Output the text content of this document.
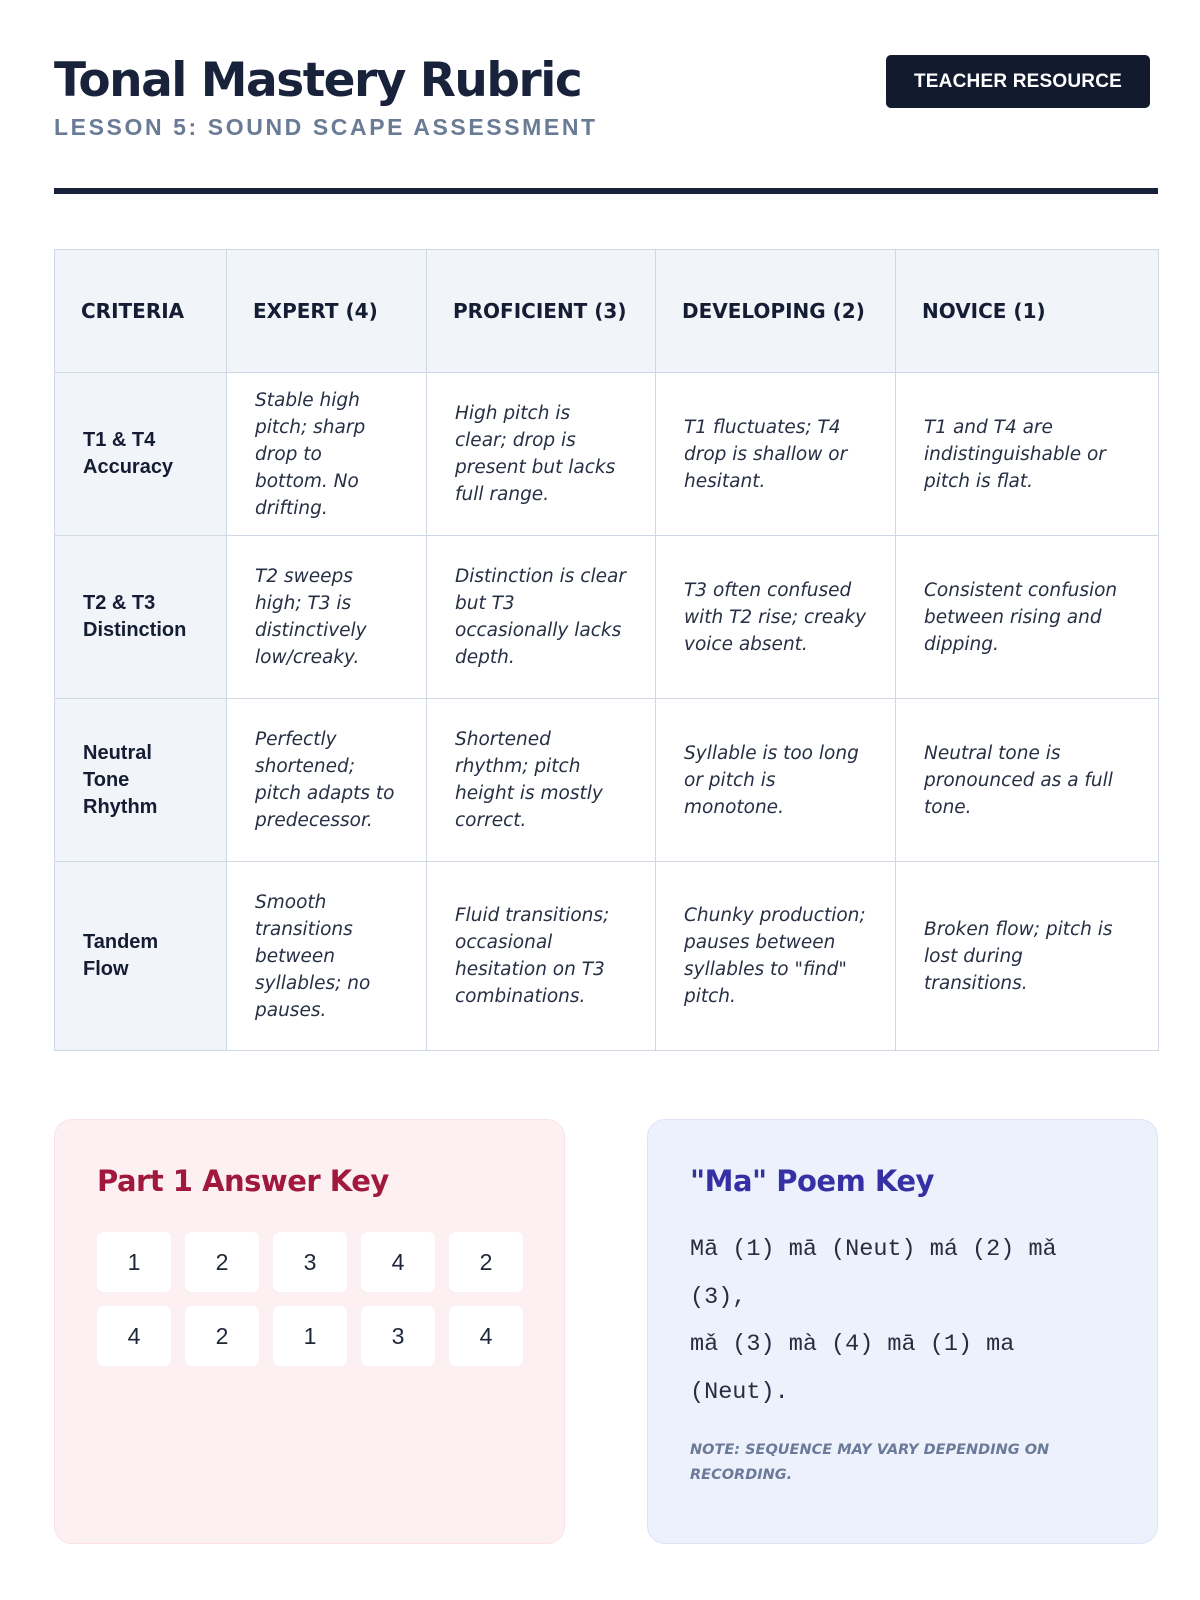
Tonal Mastery Rubric
LESSON 5: SOUND SCAPE ASSESSMENT
TEACHER RESOURCE
CRITERIA	EXPERT (4)	PROFICIENT (3)	DEVELOPING (2)	NOVICE (1)
T1 & T4 Accuracy	Stable high pitch; sharp drop to bottom. No drifting.	High pitch is clear; drop is present but lacks full range.	T1 fluctuates; T4 drop is shallow or hesitant.	T1 and T4 are indistinguishable or pitch is flat.
T2 & T3 Distinction	T2 sweeps high; T3 is distinctively low/creaky.	Distinction is clear but T3 occasionally lacks depth.	T3 often confused with T2 rise; creaky voice absent.	Consistent confusion between rising and dipping.
Neutral Tone Rhythm	Perfectly shortened; pitch adapts to predecessor.	Shortened rhythm; pitch height is mostly correct.	Syllable is too long or pitch is monotone.	Neutral tone is pronounced as a full tone.
Tandem Flow	Smooth transitions between syllables; no pauses.	Fluid transitions; occasional hesitation on T3 combinations.	Chunky production; pauses between syllables to "find" pitch.	Broken flow; pitch is lost during transitions.
Part 1 Answer Key
1	2	3	4	2
4	2	1	3	4
"Ma" Poem Key
Mā (1) mā (Neut) má (2) mǎ (3),
mǎ (3) mà (4) mā (1) ma (Neut).

NOTE: SEQUENCE MAY VARY DEPENDING ON RECORDING.
